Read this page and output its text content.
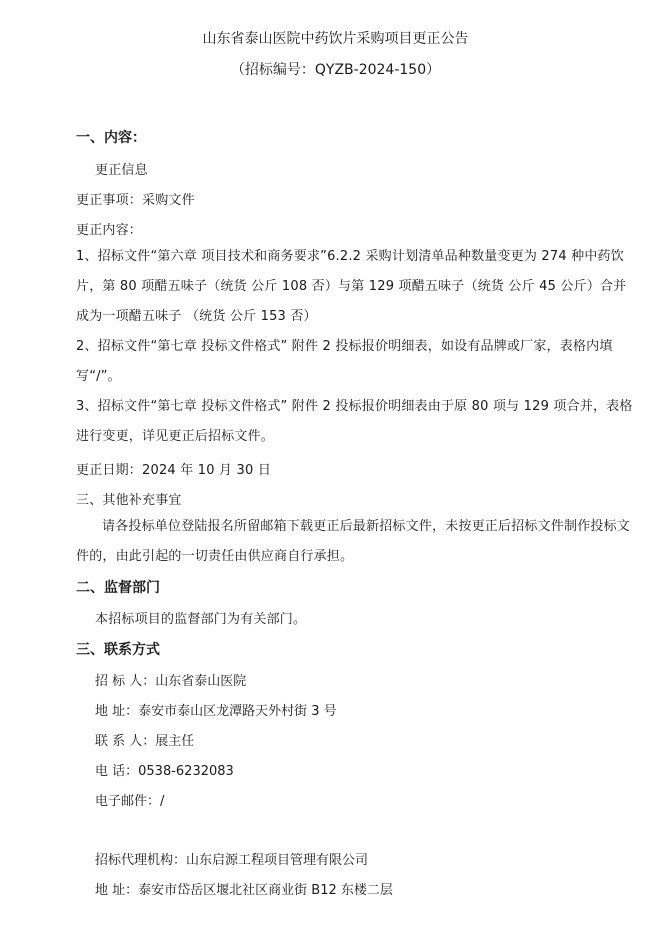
山东省泰山医院中药饮片采购项目更正公告
（招标编号：QYZB-2024-150）
一、内容：
更正信息
更正事项：采购文件
更正内容：
1、招标文件“第六章 项目技术和商务要求”6.2.2 采购计划清单品种数量变更为 274 种中药饮片，第 80 项醋五味子（统货 公斤 108 否）与第 129 项醋五味子（统货 公斤 45 公斤）合并成为一项醋五味子 （统货 公斤 153 否）
2、招标文件“第七章 投标文件格式” 附件 2 投标报价明细表，如设有品牌或厂家，表格内填写“/”。
3、招标文件“第七章 投标文件格式” 附件 2 投标报价明细表由于原 80 项与 129 项合并，表格进行变更，详见更正后招标文件。
更正日期：2024 年 10 月 30 日
三、其他补充事宜
请各投标单位登陆报名所留邮箱下载更正后最新招标文件，未按更正后招标文件制作投标文件的，由此引起的一切责任由供应商自行承担。
二、监督部门
本招标项目的监督部门为有关部门。
三、联系方式
招 标 人：山东省泰山医院
地 址：泰安市泰山区龙潭路天外村街 3 号
联 系 人：展主任
电 话：0538-6232083
电子邮件：/
招标代理机构：山东启源工程项目管理有限公司
地 址：泰安市岱岳区堰北社区商业街 B12 东楼二层
